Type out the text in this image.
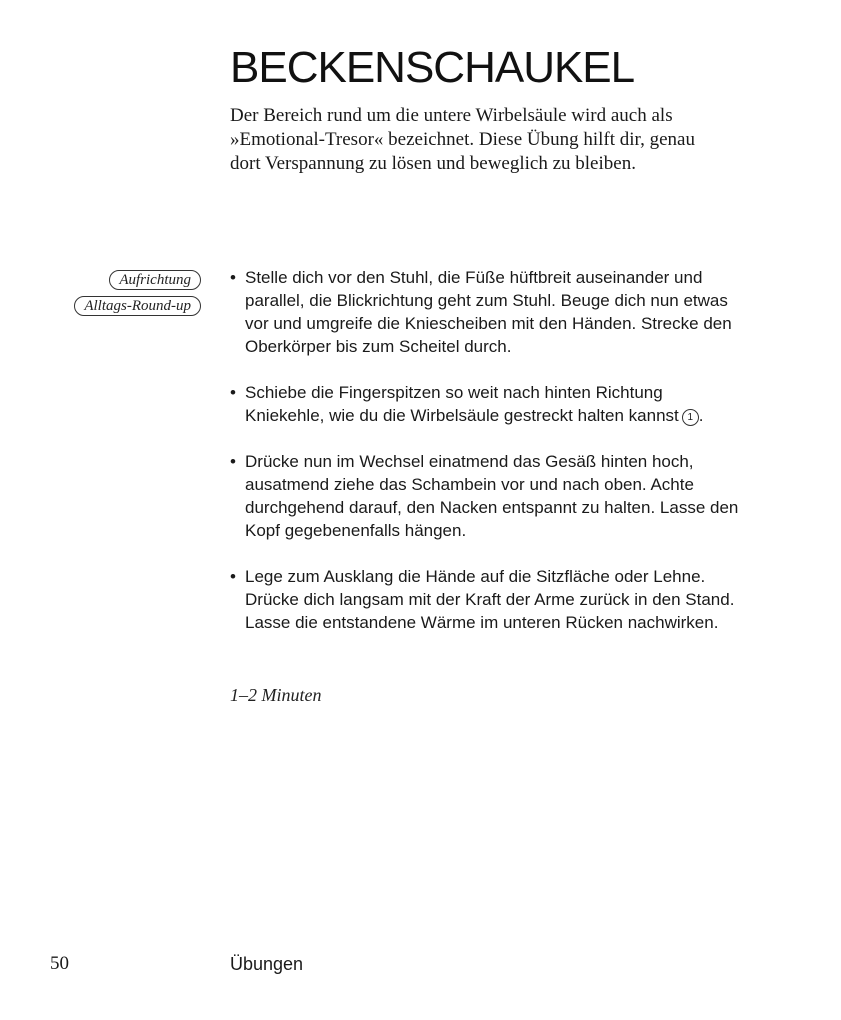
BECKENSCHAUKEL

Der Bereich rund um die untere Wirbelsäule wird auch als »Emotional-Tresor« bezeichnet. Diese Übung hilft dir, genau dort Verspannung zu lösen und beweglich zu bleiben.

Aufrichtung
Alltags-Round-up
• Stelle dich vor den Stuhl, die Füße hüftbreit auseinander und parallel, die Blickrichtung geht zum Stuhl. Beuge dich nun etwas vor und umgreife die Kniescheiben mit den Händen. Strecke den Oberkörper bis zum Scheitel durch.
• Schiebe die Fingerspitzen so weit nach hinten Richtung Kniekehle, wie du die Wirbelsäule gestreckt halten kannst 1 .
• Drücke nun im Wechsel einatmend das Gesäß hinten hoch, ausatmend ziehe das Schambein vor und nach oben. Achte durchgehend darauf, den Nacken entspannt zu halten. Lasse den Kopf gegebenenfalls hängen.
• Lege zum Ausklang die Hände auf die Sitzfläche oder Lehne. Drücke dich langsam mit der Kraft der Arme zurück in den Stand. Lasse die entstandene Wärme im unteren Rücken nachwirken.

1–2 Minuten

50	Übungen
